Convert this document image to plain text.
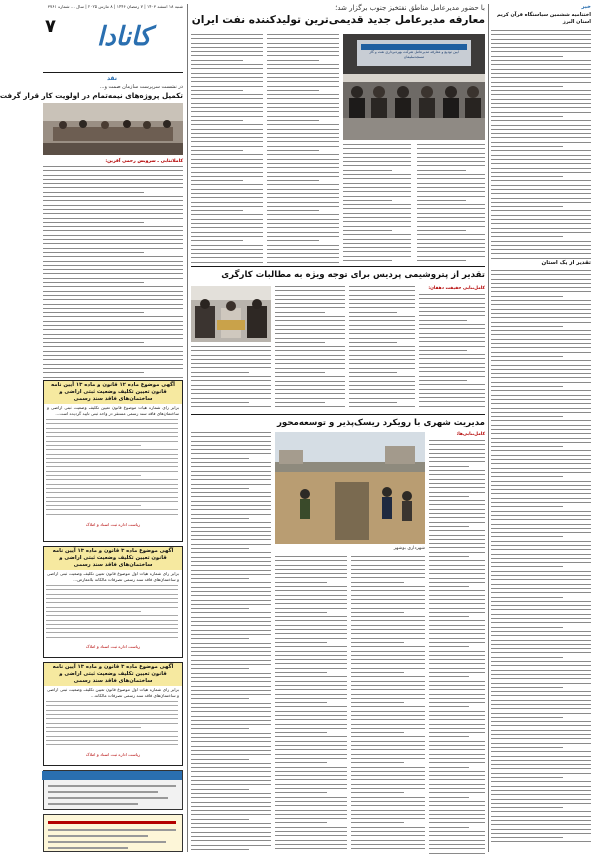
شنبه ۱۸ اسفند ۱۴۰۳ | ۷ رمضان ۱۴۴۶ | ۸ مارس ۲۰۲۵ | سال ... شماره ۳۷۶۱
۷	کانادا
نقد
در نشست سرپرست سازمان صمت و...
تکمیل پروژه‌های نیمه‌تمام در اولویت کار قرار گرفت
کاملانتابی ـ سرویس رحمی آفرین:
آگهی موضوع ماده ۱۲ قانون و ماده ۱۳ آیین نامه قانون تعیین تکلیف وضعیت ثبتی اراضی و ساختمان‌های فاقد سند رسمی
برابر رای شماره هیات موضوع قانون تعیین تکلیف وضعیت ثبتی اراضی و ساختمان‌های فاقد سند رسمی مستقر در واحد ثبتی تایید گردیده است...
ریاست اداره ثبت اسناد و املاک
آگهی موضوع ماده ۳ قانون و ماده ۱۳ آیین نامه قانون تعیین تکلیف وضعیت ثبتی اراضی و ساختمان‌های فاقد سند رسمی
برابر رای شماره هیات اول موضوع قانون تعیین تکلیف وضعیت ثبتی اراضی و ساختمان‌های فاقد سند رسمی تصرفات مالکانه بلامعارض...
ریاست اداره ثبت اسناد و املاک
آگهی موضوع ماده ۳ قانون و ماده ۱۳ آیین نامه قانون تعیین تکلیف وضعیت ثبتی اراضی و ساختمان‌های فاقد سند رسمی
برابر رای شماره هیات اول موضوع قانون تعیین تکلیف وضعیت ثبتی اراضی و ساختمان‌های فاقد سند رسمی تصرفات مالکانه...
ریاست اداره ثبت اسناد و املاک
خبر
اختتامیه ششمین سیاستگاه قرآن کریم استان البرز
تقدیر از یک استان
با حضور مدیرعامل مناطق نفتخیز جنوب برگزار شد؛
معارفه مدیرعامل جدید قدیمی‌ترین تولیدکننده نفت ایران
آیین تودیع و معارفه مدیرعامل شرکت بهره‌برداری نفت و گاز مسجدسلیمان
تقدیر از پتروشیمی پردیس برای توجه ویژه به مطالبات کارگری
کامل‌نتابی حقیقت دهقان:
مدیریت شهری با رویکرد ریسک‌پذیر و توسعه‌محور
شهرداری بوشهر
کامل‌نتابی‌ها:
